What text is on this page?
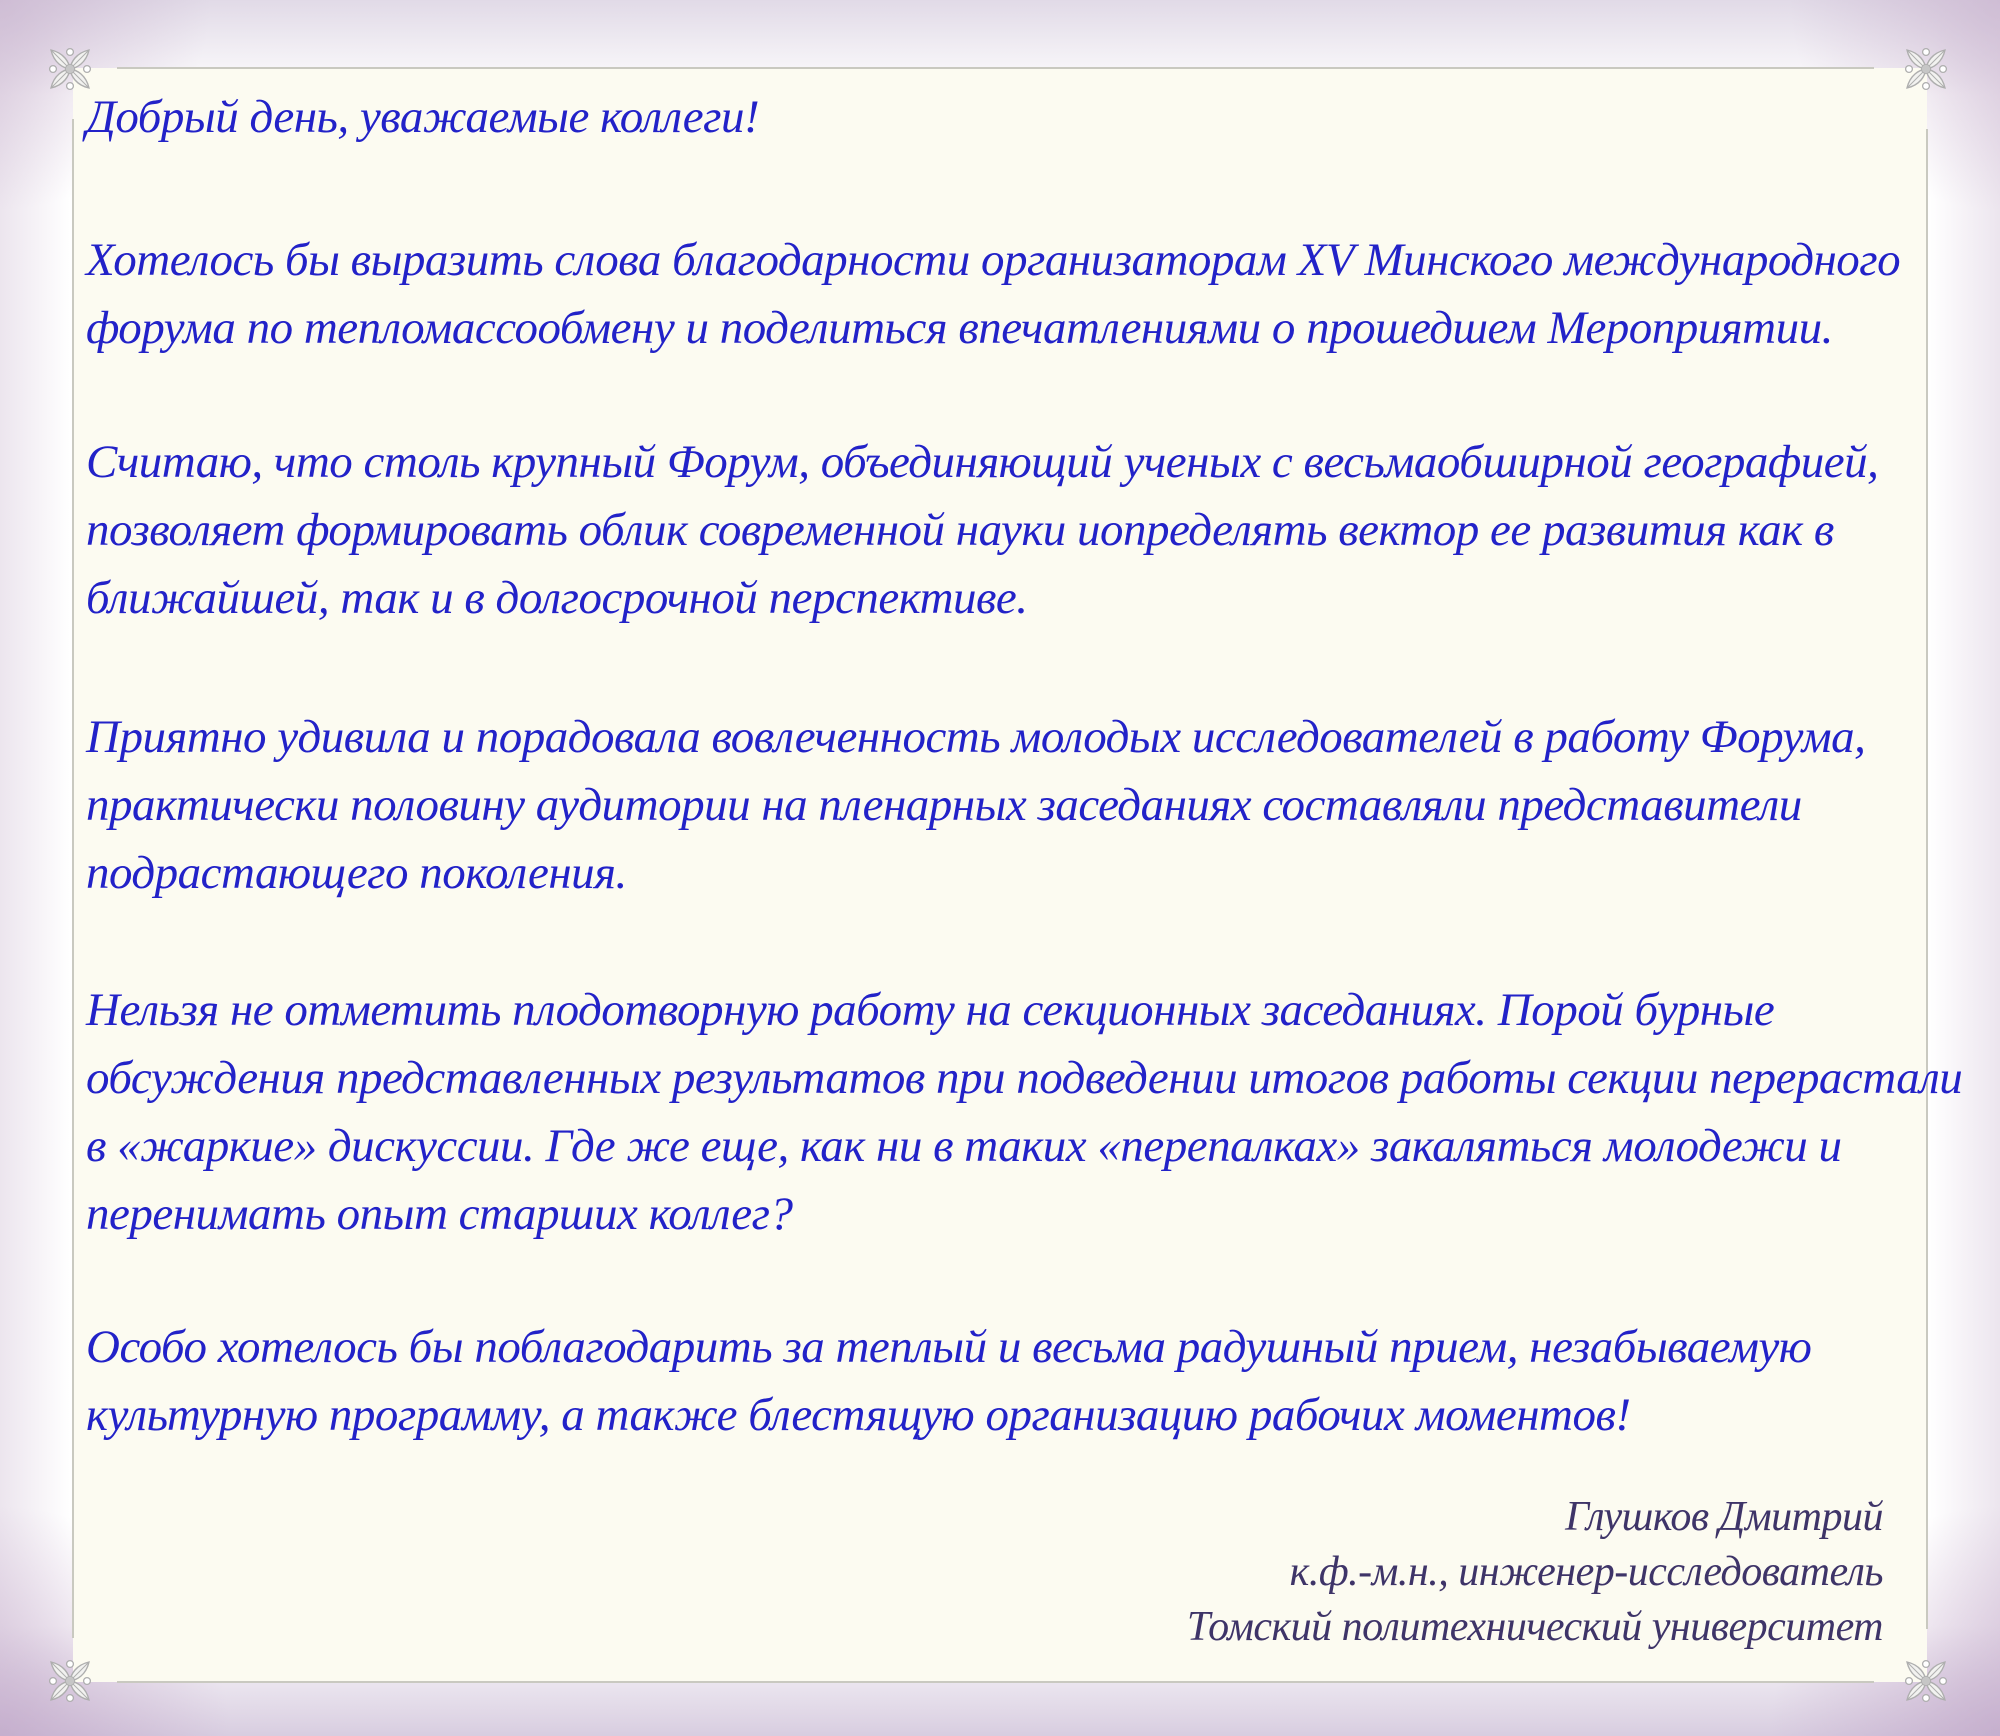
Добрый день, уважаемые коллеги!
Хотелось бы выразить слова благодарности организаторам XV Минского международного
форума по тепломассообмену и поделиться впечатлениями о прошедшем Мероприятии.
Считаю, что столь крупный Форум, объединяющий ученых с весьмаобширной географией,
позволяет формировать облик современной науки иопределять вектор ее развития как в
ближайшей, так и в долгосрочной перспективе.
Приятно удивила и порадовала вовлеченность молодых исследователей в работу Форума,
практически половину аудитории на пленарных заседаниях составляли представители
подрастающего поколения.
Нельзя не отметить плодотворную работу на секционных заседаниях. Порой бурные
обсуждения представленных результатов при подведении итогов работы секции перерастали
в «жаркие» дискуссии. Где же еще, как ни в таких «перепалках» закаляться молодежи и
перенимать опыт старших коллег?
Особо хотелось бы поблагодарить за теплый и весьма радушный прием, незабываемую
культурную программу, а также блестящую организацию рабочих моментов!
Глушков Дмитрий
к.ф.-м.н., инженер-исследователь
Томский политехнический университет
